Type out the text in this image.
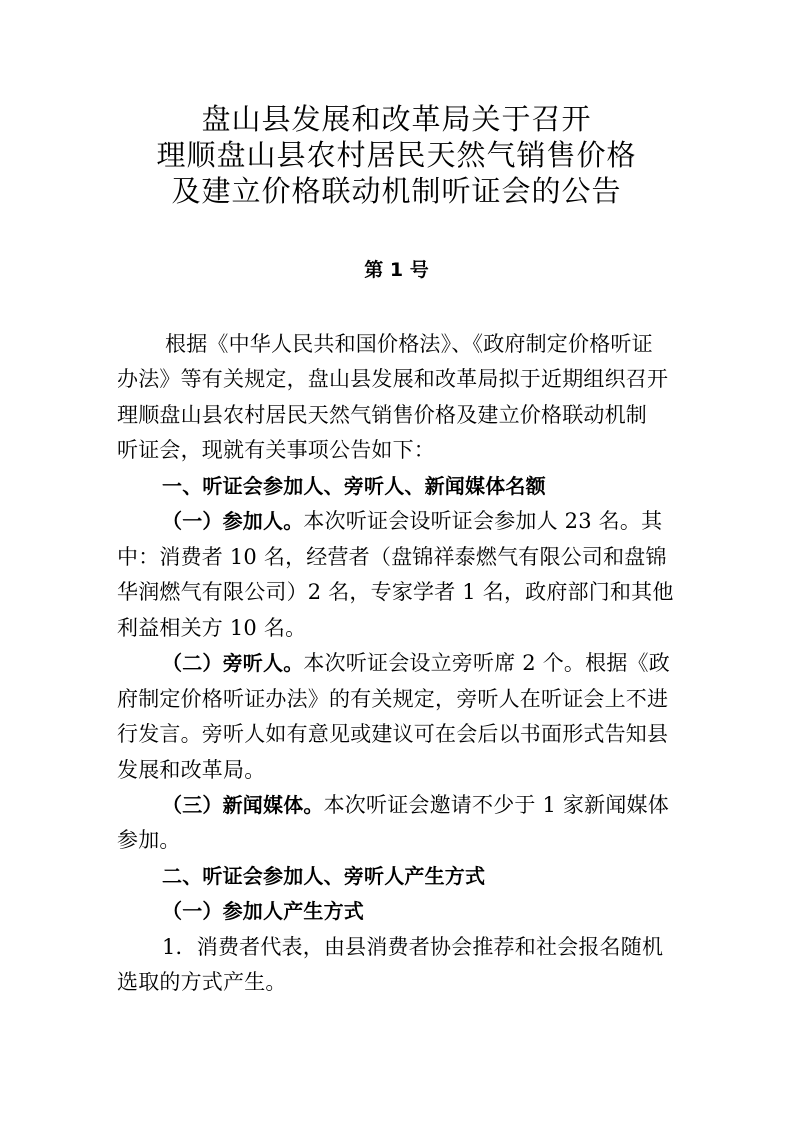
盘山县发展和改革局关于召开
理顺盘山县农村居民天然气销售价格
及建立价格联动机制听证会的公告
第 1 号
根据《中华人民共和国价格法》、《政府制定价格听证
办法》等有关规定，盘山县发展和改革局拟于近期组织召开
理顺盘山县农村居民天然气销售价格及建立价格联动机制
听证会，现就有关事项公告如下：
一、听证会参加人、旁听人、新闻媒体名额
（一）参加人。本次听证会设听证会参加人 23 名。其
中：消费者 10 名，经营者（盘锦祥泰燃气有限公司和盘锦
华润燃气有限公司）2 名，专家学者 1 名，政府部门和其他
利益相关方 10 名。
（二）旁听人。本次听证会设立旁听席 2 个。根据《政
府制定价格听证办法》的有关规定，旁听人在听证会上不进
行发言。旁听人如有意见或建议可在会后以书面形式告知县
发展和改革局。
（三）新闻媒体。本次听证会邀请不少于 1 家新闻媒体
参加。
二、听证会参加人、旁听人产生方式
（一）参加人产生方式
1．消费者代表，由县消费者协会推荐和社会报名随机
选取的方式产生。
